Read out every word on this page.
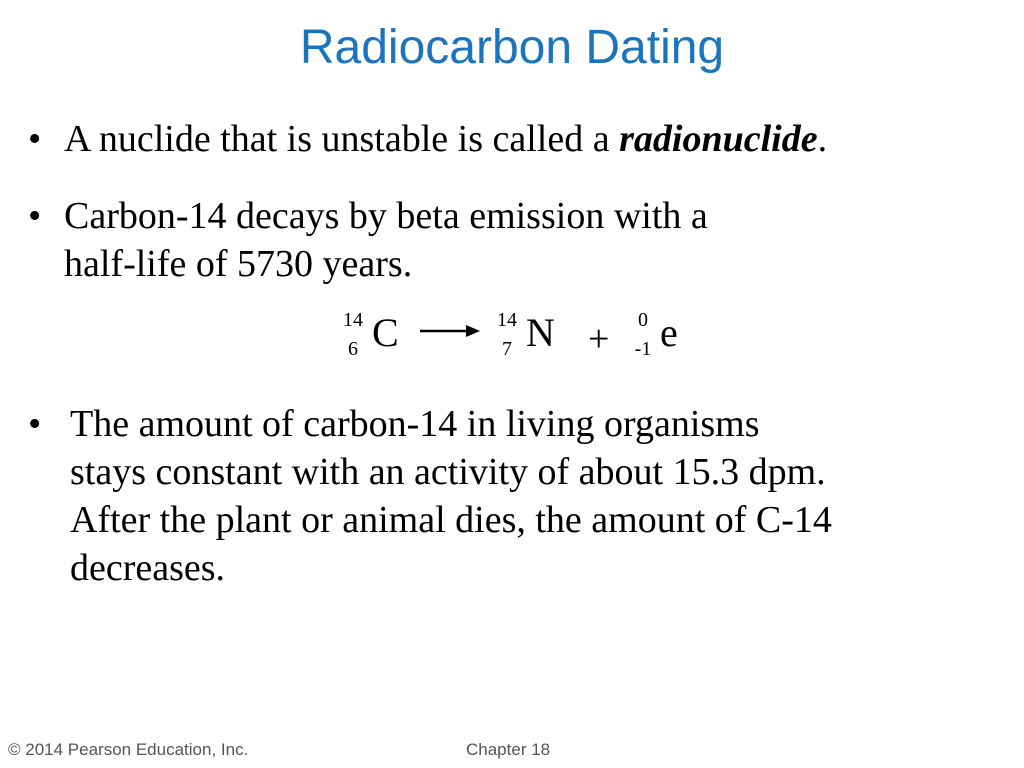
Radiocarbon Dating
• A nuclide that is unstable is called a radionuclide.
• Carbon-14 decays by beta emission with a
half-life of 5730 years.
14
6 C → 14
7 N +	0
-1 e
• The amount of carbon-14 in living organisms
stays constant with an activity of about 15.3 dpm.
After the plant or animal dies, the amount of C-14
decreases.
© 2014 Pearson Education, Inc.	Chapter 18
